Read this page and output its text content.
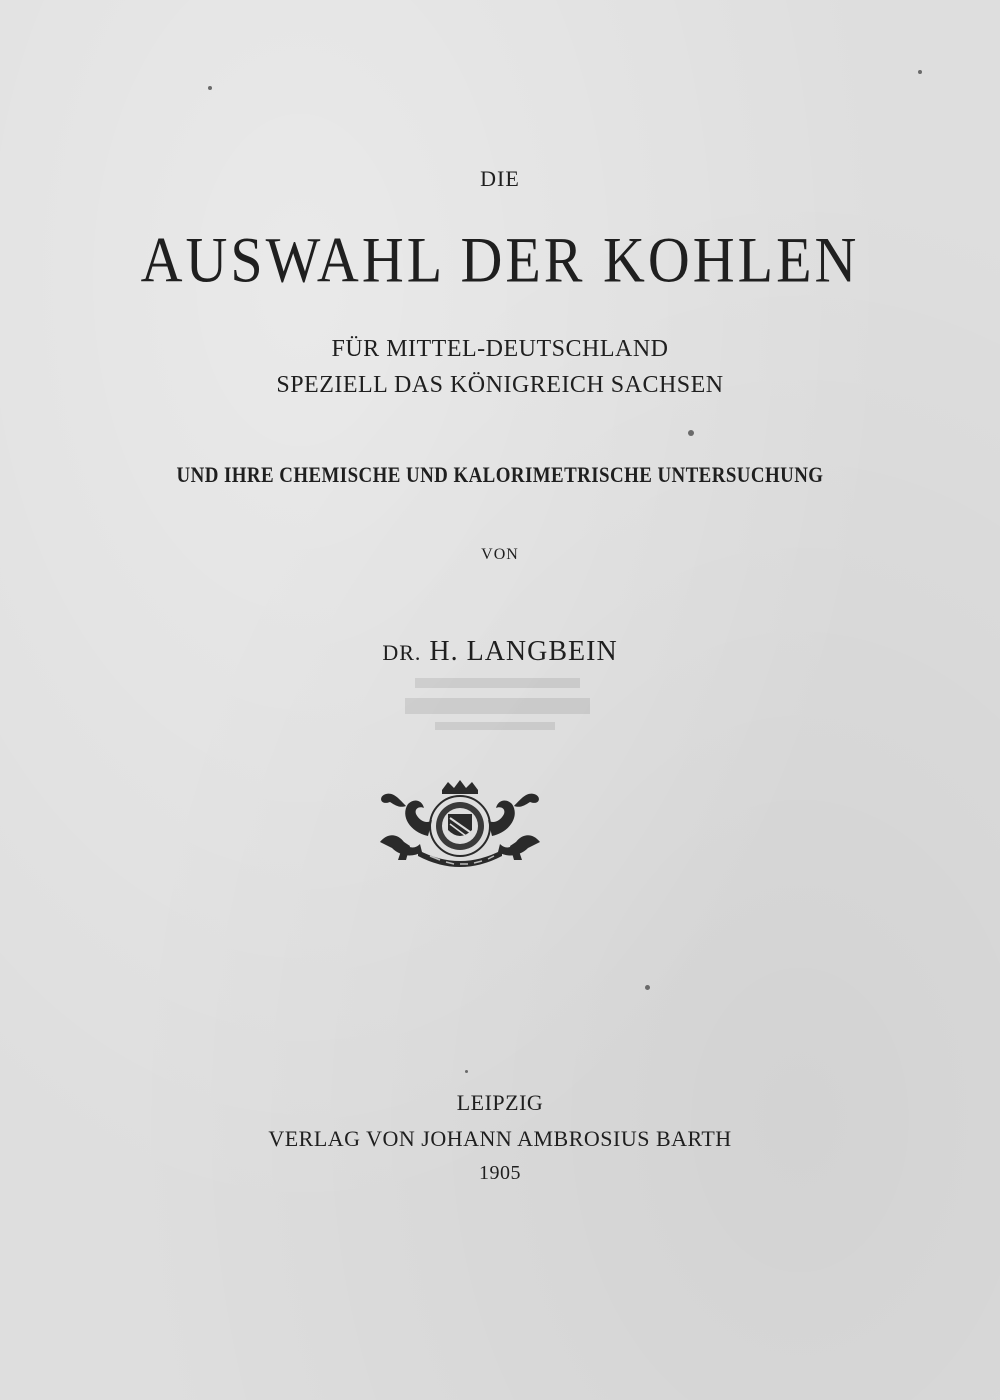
DIE
AUSWAHL DER KOHLEN
FÜR MITTEL-DEUTSCHLAND
SPEZIELL DAS KÖNIGREICH SACHSEN
UND IHRE CHEMISCHE UND KALORIMETRISCHE UNTERSUCHUNG
VON
DR. H. LANGBEIN
LEIPZIG
VERLAG VON JOHANN AMBROSIUS BARTH
1905
